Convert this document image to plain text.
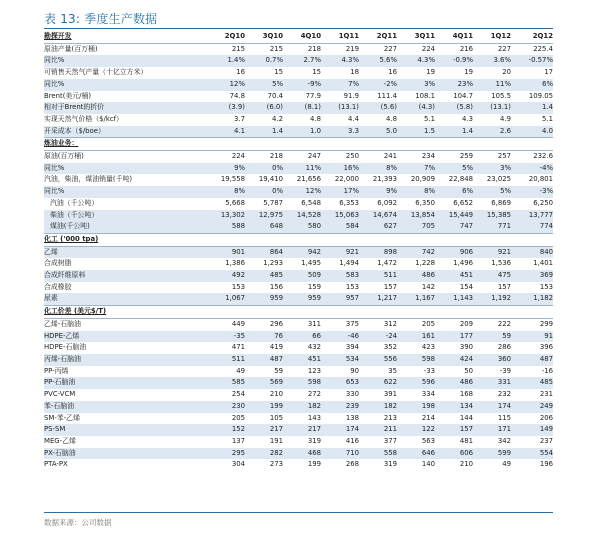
表 13: 季度生产数据
勘探开发	2Q10	3Q10	4Q10	1Q11	2Q11	3Q11	4Q11	1Q12	2Q12
原油产量(百万桶)	215	215	218	219	227	224	216	227	225.4
同比%	1.4%	0.7%	2.7%	4.3%	5.6%	4.3%	-0.9%	3.6%	-0.57%
可销售天然气产量（十亿立方米）	16	15	15	18	16	19	19	20	17
同比%	12%	5%	-9%	7%	-2%	3%	23%	11%	6%
Brent(美元/桶)	74.8	70.4	77.9	91.9	111.4	108.1	104.7	105.5	109.05
相对于Brent的折价	(3.9)	(6.0)	(8.1)	(13.1)	(5.6)	(4.3)	(5.8)	(13.1)	1.4
实现天然气价格（$/kcf）	3.7	4.2	4.8	4.4	4.8	5.1	4.3	4.9	5.1
开采成本（$/boe）	4.1	1.4	1.0	3.3	5.0	1.5	1.4	2.6	4.0
炼油业务：									
原油(百万桶)	224	218	247	250	241	234	259	257	232.6
同比%	9%	0%	11%	16%	8%	7%	5%	3%	-4%
汽油，柴油，煤油销量(千吨)	19,558	19,410	21,656	22,000	21,393	20,909	22,848	23,025	20,801
同比%	8%	0%	12%	17%	9%	8%	6%	5%	-3%
汽油（千公吨）	5,668	5,787	6,548	6,353	6,092	6,350	6,652	6,869	6,250
柴油（千公吨）	13,302	12,975	14,528	15,063	14,674	13,854	15,449	15,385	13,777
煤油(千公吨)	588	648	580	584	627	705	747	771	774
化工 ('000 tpa)									
乙烯	901	864	942	921	898	742	906	921	840
合成树脂	1,386	1,293	1,495	1,494	1,472	1,228	1,496	1,536	1,401
合成纤维原料	492	485	509	583	511	486	451	475	369
合成橡胶	153	156	159	153	157	142	154	157	153
尿素	1,067	959	959	957	1,217	1,167	1,143	1,192	1,182
化工价差 (美元$/T)									
乙烯-石脑油	449	296	311	375	312	205	209	222	299
HDPE-乙烯	-35	76	66	-46	-24	161	177	59	91
HDPE-石脑油	471	419	432	394	352	423	390	286	396
丙烯-石脑油	511	487	451	534	556	598	424	360	487
PP-丙烯	49	59	123	90	35	-33	50	-39	-16
PP-石脑油	585	569	598	653	622	596	486	331	485
PVC-VCM	254	210	272	330	391	334	168	232	231
苯-石脑油	230	199	182	239	182	198	134	174	249
SM-苯-乙烯	205	105	143	138	213	214	144	115	206
PS-SM	152	217	217	174	211	122	157	171	149
MEG-乙烯	137	191	319	416	377	563	481	342	237
PX-石脑油	295	282	468	710	558	646	606	599	554
PTA-PX	304	273	199	268	319	140	210	49	196
数据来源：公司数据
